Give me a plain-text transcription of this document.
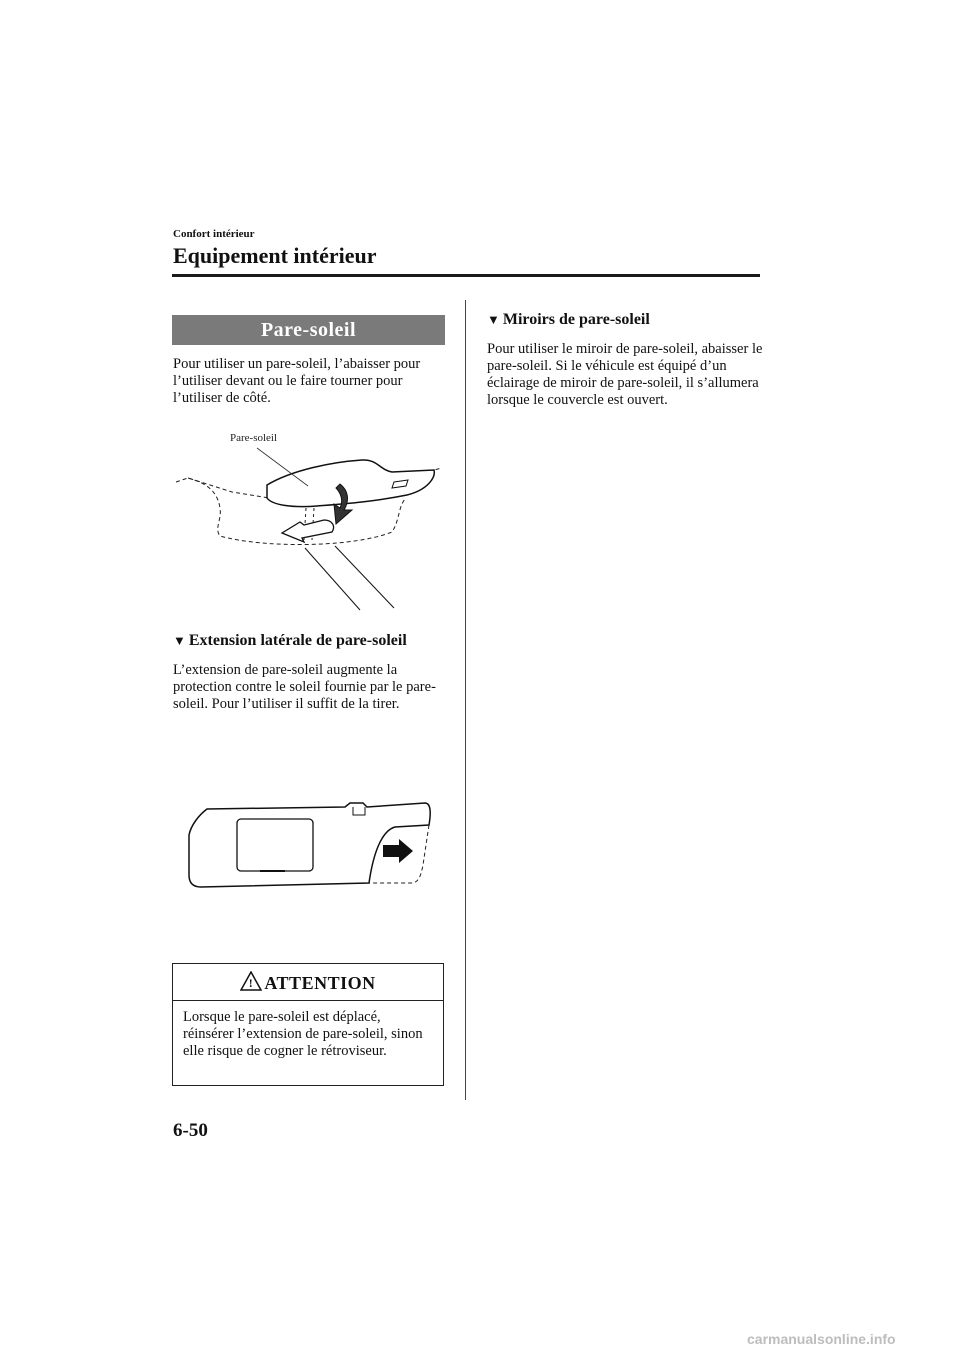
Confort intérieur
Equipement intérieur
Pare-soleil
Pour utiliser un pare-soleil, l’abaisser pour l’utiliser devant ou le faire tourner pour l’utiliser de côté.
Pare-soleil
▼ Extension latérale de pare-soleil
L’extension de pare-soleil augmente la protection contre le soleil fournie par le pare-soleil. Pour l’utiliser il suffit de la tirer.
! ATTENTION
Lorsque le pare-soleil est déplacé, réinsérer l’extension de pare-soleil, sinon elle risque de cogner le rétroviseur.
▼ Miroirs de pare-soleil
Pour utiliser le miroir de pare-soleil, abaisser le pare-soleil. Si le véhicule est équipé d’un éclairage de miroir de pare-soleil, il s’allumera lorsque le couvercle est ouvert.
6-50
carmanualsonline.info
